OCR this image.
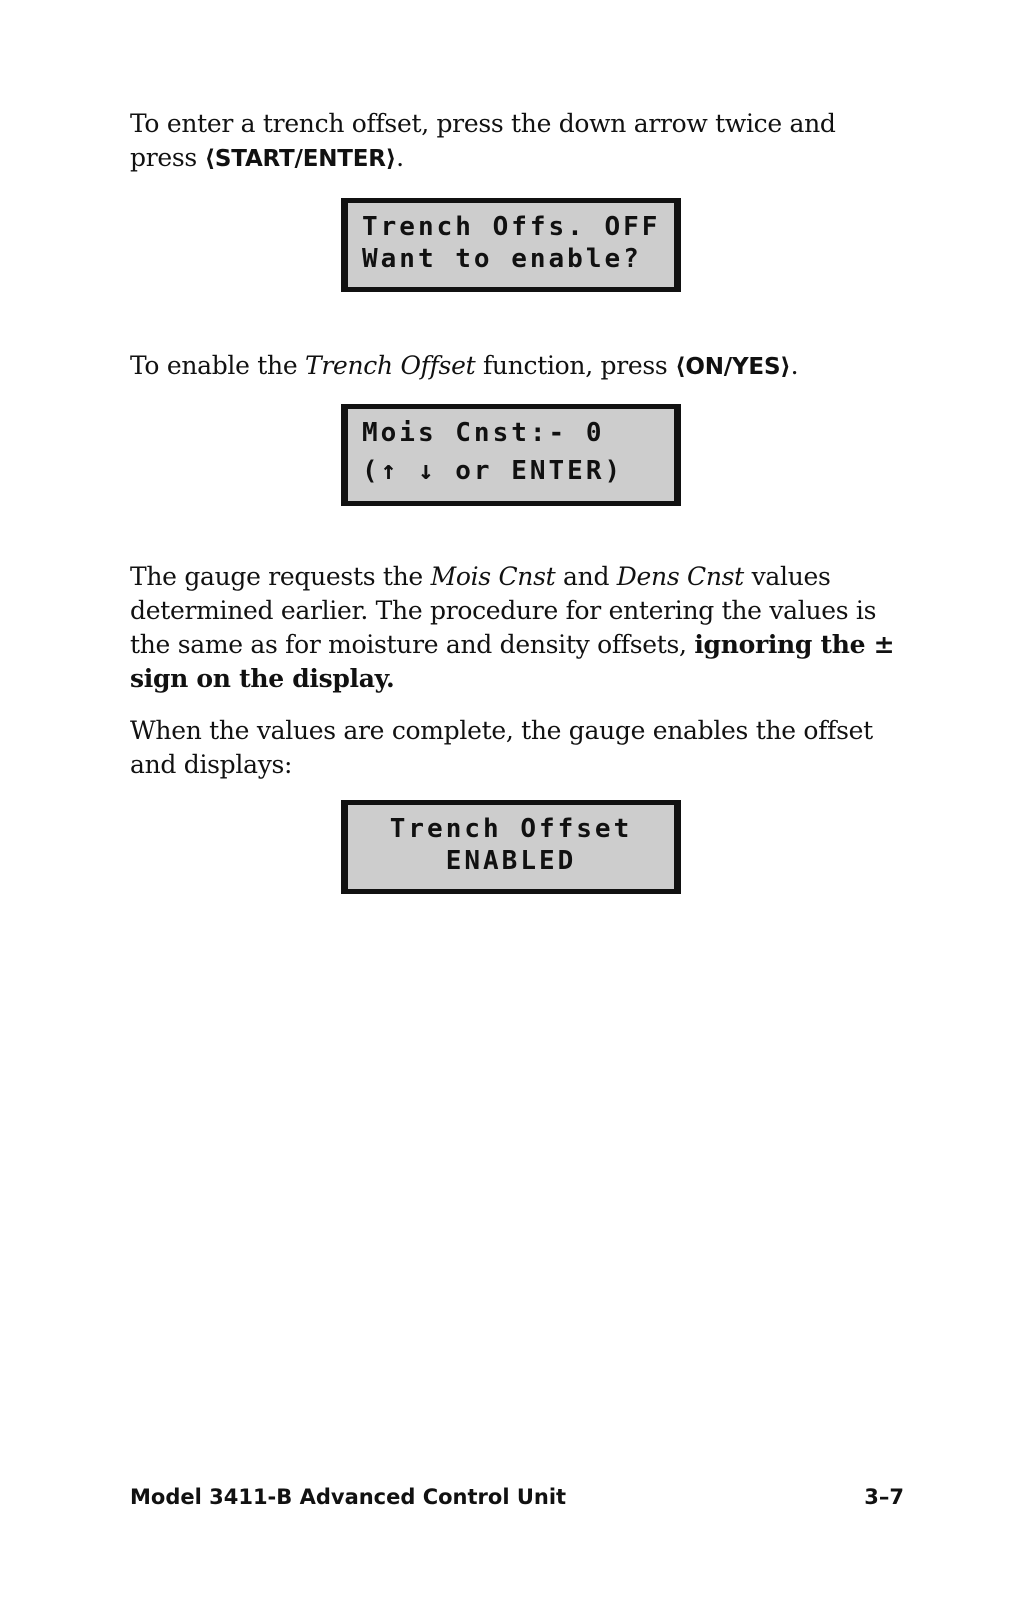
To enter a trench offset, press the down arrow twice and press ⟨START/ENTER⟩.

Trench Offs. OFF
Want to enable?

To enable the Trench Offset function, press ⟨ON/YES⟩.

Mois Cnst:- 0
(↑ ↓ or ENTER)

The gauge requests the Mois Cnst and Dens Cnst values determined earlier. The procedure for entering the values is the same as for moisture and density offsets, ignoring the ± sign on the display.

When the values are complete, the gauge enables the offset and displays:

Trench Offset
ENABLED
Model 3411-B Advanced Control Unit	3–7
